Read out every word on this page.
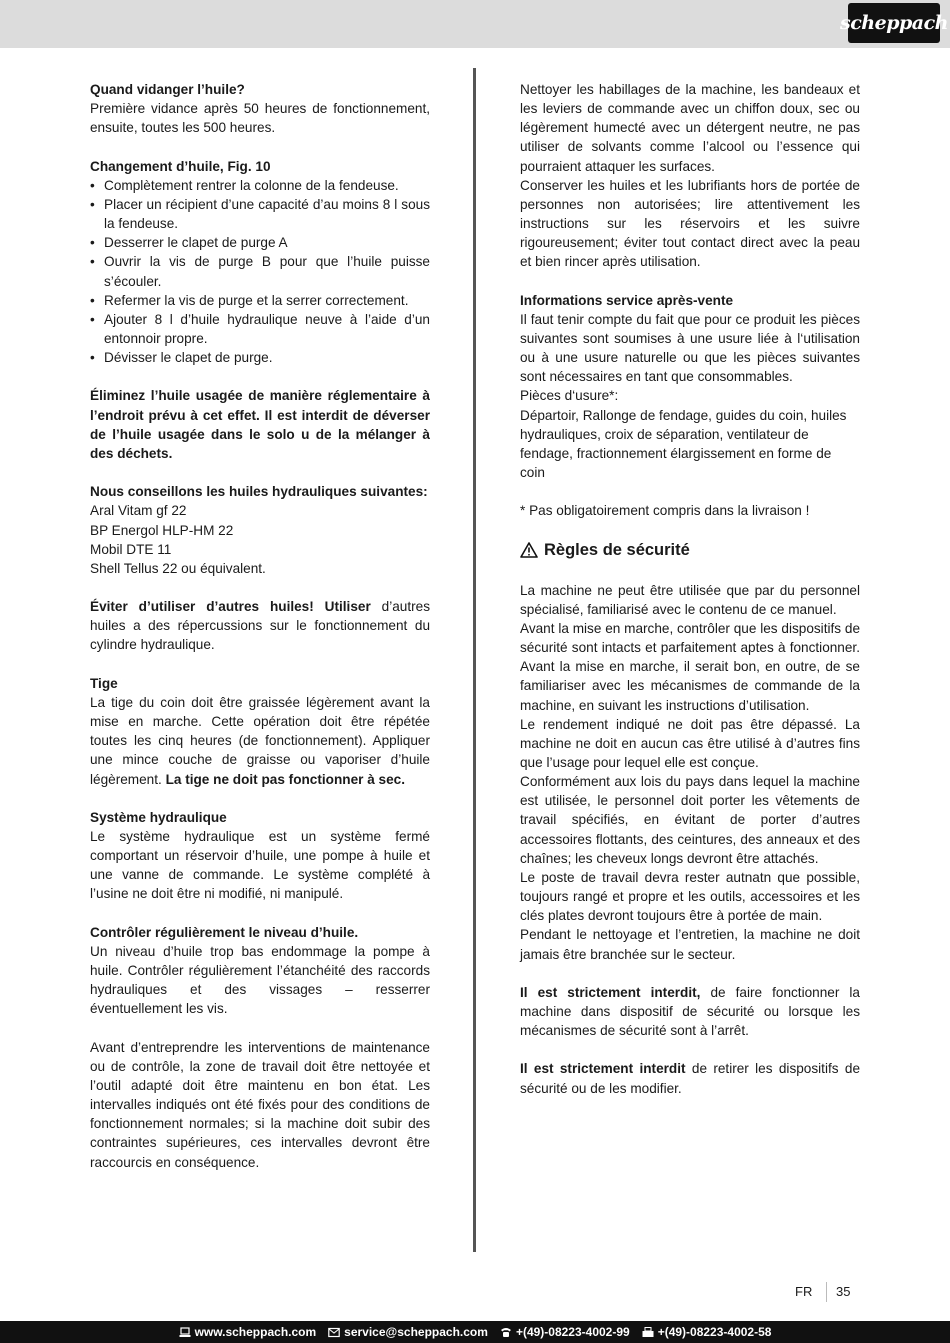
scheppach

Quand vidanger l’huile?

Première vidance après 50 heures de fonctionnement, ensuite, toutes les 500 heures.

Changement d’huile, Fig. 10

• Complètement rentrer la colonne de la fendeuse.
• Placer un récipient d’une capacité d’au moins 8 l sous la fendeuse.
• Desserrer le clapet de purge A
• Ouvrir la vis de purge B pour que l’huile puisse s’écouler.
• Refermer la vis de purge et la serrer correctement.
• Ajouter 8 l d’huile hydraulique neuve à l’aide d’un entonnoir propre.
• Dévisser le clapet de purge.

Éliminez l’huile usagée de manière réglementaire à l’endroit prévu à cet effet. Il est interdit de déverser de l’huile usagée dans le solo u de la mélanger à des déchets.

Nous conseillons les huiles hydrauliques suivantes:

Aral Vitam gf 22

BP Energol HLP-HM 22

Mobil DTE 11

Shell Tellus 22 ou équivalent.

Éviter d’utiliser d’autres huiles! Utiliser d’autres huiles a des répercussions sur le fonctionnement du cylindre hydraulique.

Tige

La tige du coin doit être graissée légèrement avant la mise en marche. Cette opération doit être répétée toutes les cinq heures (de fonctionnement). Appliquer une mince couche de graisse ou vaporiser d’huile légèrement. La tige ne doit pas fonctionner à sec.

Système hydraulique

Le système hydraulique est un système fermé comportant un réservoir d’huile, une pompe à huile et une vanne de commande. Le système complété à l’usine ne doit être ni modifié, ni manipulé.

Contrôler régulièrement le niveau d’huile.

Un niveau d’huile trop bas endommage la pompe à huile. Contrôler régulièrement l’étanchéité des raccords hydrauliques et des vissages – resserrer éventuellement les vis.

Avant d’entreprendre les interventions de maintenance ou de contrôle, la zone de travail doit être nettoyée et l’outil adapté doit être maintenu en bon état. Les intervalles indiqués ont été fixés pour des conditions de fonctionnement normales; si la machine doit subir des contraintes supérieures, ces intervalles devront être raccourcis en conséquence.

Nettoyer les habillages de la machine, les bandeaux et les leviers de commande avec un chiffon doux, sec ou légèrement humecté avec un détergent neutre, ne pas utiliser de solvants comme l’alcool ou l’essence qui pourraient attaquer les surfaces.

Conserver les huiles et les lubrifiants hors de portée de personnes non autorisées; lire attentivement les instructions sur les réservoirs et les suivre rigoureusement; éviter tout contact direct avec la peau et bien rincer après utilisation.

Informations service après-vente

Il faut tenir compte du fait que pour ce produit les pièces suivantes sont soumises à une usure liée à l‘utilisation ou à une usure naturelle ou que les pièces suivantes sont nécessaires en tant que consommables.

Pièces d‘usure*:

Départoir, Rallonge de fendage, guides du coin, huiles hydrauliques, croix de séparation, ventilateur de fendage, fractionnement élargissement en forme de coin

* Pas obligatoirement compris dans la livraison !

Règles de sécurité

La machine ne peut être utilisée que par du personnel spécialisé, familiarisé avec le contenu de ce manuel.

Avant la mise en marche, contrôler que les dispositifs de sécurité sont intacts et parfaitement aptes à fonctionner. Avant la mise en marche, il serait bon, en outre, de se familiariser avec les mécanismes de commande de la machine, en suivant les instructions d’utilisation.

Le rendement indiqué ne doit pas être dépassé. La machine ne doit en aucun cas être utilisé à d’autres fins que l’usage pour lequel elle est conçue.

Conformément aux lois du pays dans lequel la machine est utilisée, le personnel doit porter les vêtements de travail spécifiés, en évitant de porter d’autres accessoires flottants, des ceintures, des anneaux et des chaînes; les cheveux longs devront être attachés.

Le poste de travail devra rester autnatn que possible, toujours rangé et propre et les outils, accessoires et les clés plates devront toujours être à portée de main.

Pendant le nettoyage et l’entretien, la machine ne doit jamais être branchée sur le secteur.

Il est strictement interdit, de faire fonctionner la machine dans dispositif de sécurité ou lorsque les mécanismes de sécurité sont à l’arrêt.

Il est strictement interdit de retirer les dispositifs de sécurité ou de les modifier.

FR 35
www.scheppach.com service@scheppach.com +(49)-08223-4002-99 +(49)-08223-4002-58
